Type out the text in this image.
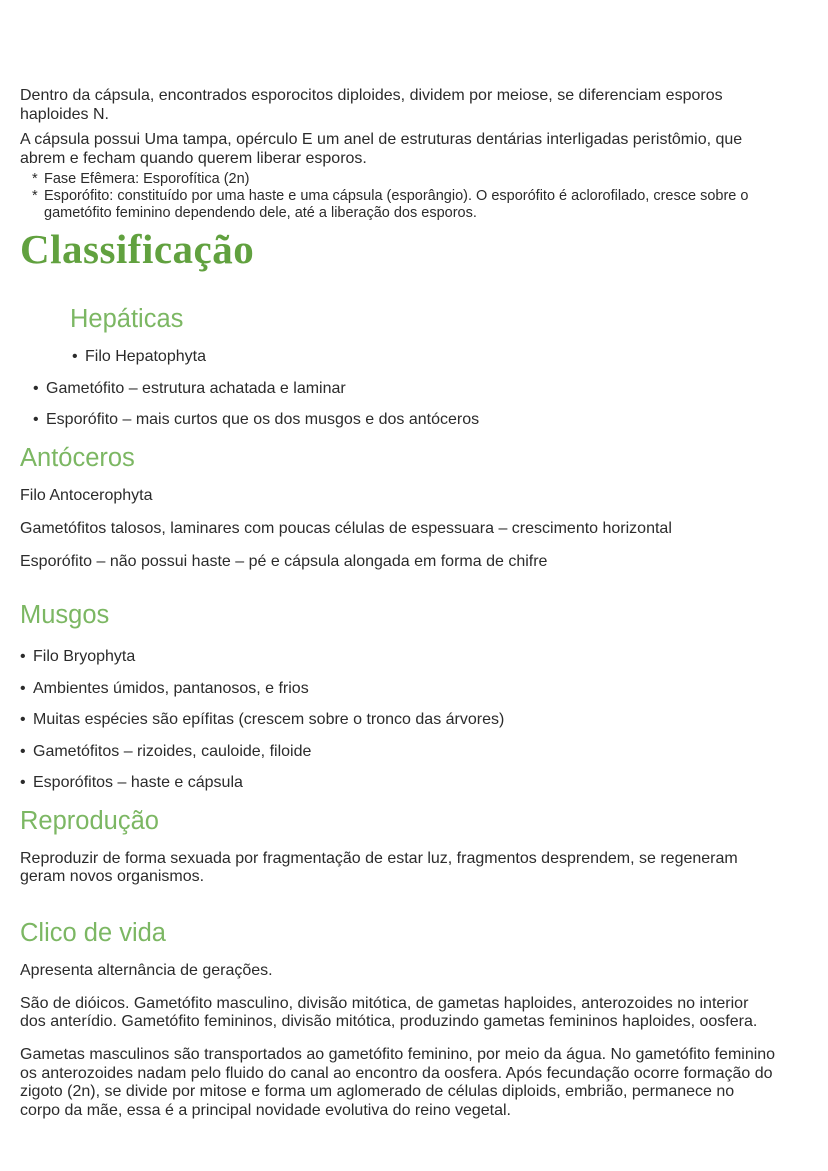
Dentro da cápsula, encontrados esporocitos diploides, dividem por meiose, se diferenciam esporos haploides N.

A cápsula possui Uma tampa, opérculo E um anel de estruturas dentárias interligadas peristômio, que abrem e fecham quando querem liberar esporos.

* Fase Efêmera: Esporofítica (2n)
* Esporófito: constituído por uma haste e uma cápsula (esporângio). O esporófito é aclorofilado, cresce sobre o gametófito feminino dependendo dele, até a liberação dos esporos.
Classificação
Hepáticas
• Filo Hepatophyta
• Gametófito – estrutura achatada e laminar
• Esporófito – mais curtos que os dos musgos e dos antóceros
Antóceros

Filo Antocerophyta

Gametófitos talosos, laminares com poucas células de espessuara – crescimento horizontal

Esporófito – não possui haste – pé e cápsula alongada em forma de chifre

Musgos
• Filo Bryophyta
• Ambientes úmidos, pantanosos, e frios
• Muitas espécies são epífitas (crescem sobre o tronco das árvores)
• Gametófitos – rizoides, cauloide, filoide
• Esporófitos – haste e cápsula
Reprodução

Reproduzir de forma sexuada por fragmentação de estar luz, fragmentos desprendem, se regeneram geram novos organismos.

Clico de vida

Apresenta alternância de gerações.

São de dióicos. Gametófito masculino, divisão mitótica, de gametas haploides, anterozoides no interior dos anterídio. Gametófito femininos, divisão mitótica, produzindo gametas femininos haploides, oosfera.

Gametas masculinos são transportados ao gametófito feminino, por meio da água. No gametófito feminino os anterozoides nadam pelo fluido do canal ao encontro da oosfera. Após fecundação ocorre formação do zigoto (2n), se divide por mitose e forma um aglomerado de células diploids, embrião, permanece no corpo da mãe, essa é a principal novidade evolutiva do reino vegetal.
